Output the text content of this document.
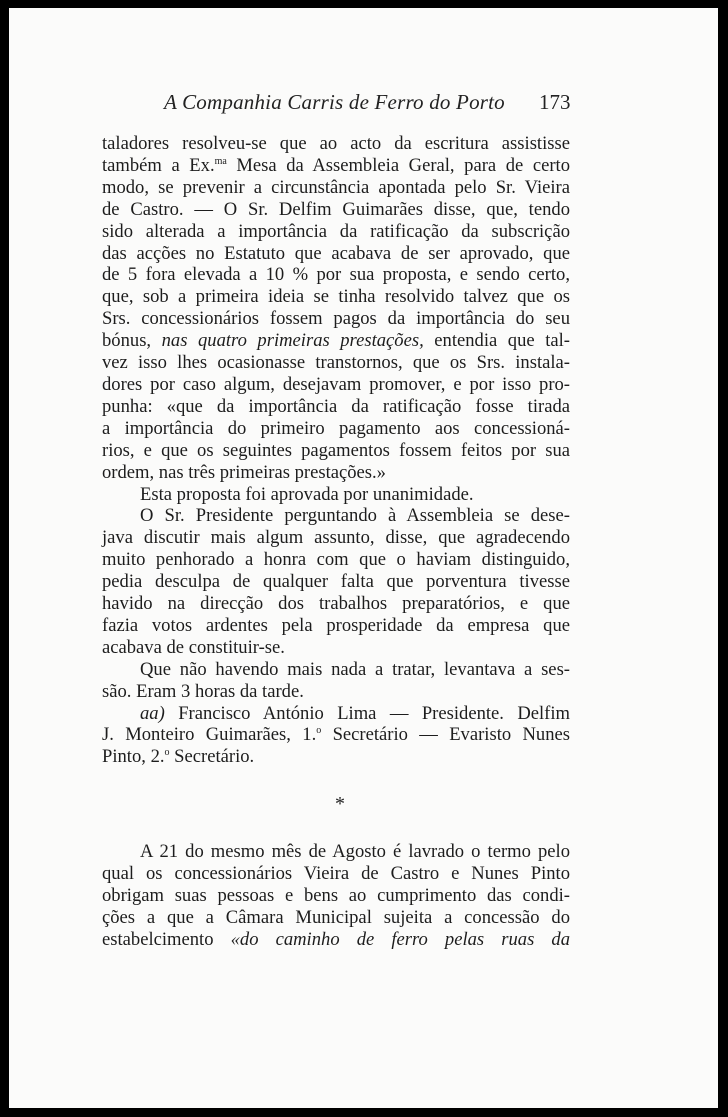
A Companhia Carris de Ferro do Porto 173
taladores resolveu-se que ao acto da escritura assistisse
também a Ex.$^{ma}$ Mesa da Assembleia Geral, para de certo
modo, se prevenir a circunstância apontada pelo Sr. Vieira
de Castro. — O Sr. Delfim Guimarães disse, que, tendo
sido alterada a importância da ratificação da subscrição
das acções no Estatuto que acabava de ser aprovado, que
de 5 fora elevada a 10 % por sua proposta, e sendo certo,
que, sob a primeira ideia se tinha resolvido talvez que os
Srs. concessionários fossem pagos da importância do seu
bónus, nas quatro primeiras prestações, entendia que tal-
vez isso lhes ocasionasse transtornos, que os Srs. instala-
dores por caso algum, desejavam promover, e por isso pro-
punha: «que da importância da ratificação fosse tirada
a importância do primeiro pagamento aos concessioná-
rios, e que os seguintes pagamentos fossem feitos por sua
ordem, nas três primeiras prestações.»
Esta proposta foi aprovada por unanimidade.
O Sr. Presidente perguntando à Assembleia se dese-
java discutir mais algum assunto, disse, que agradecendo
muito penhorado a honra com que o haviam distinguido,
pedia desculpa de qualquer falta que porventura tivesse
havido na direcção dos trabalhos preparatórios, e que
fazia votos ardentes pela prosperidade da empresa que
acabava de constituir-se.
Que não havendo mais nada a tratar, levantava a ses-
são. Eram 3 horas da tarde.
aa) Francisco António Lima — Presidente. Delfim
J. Monteiro Guimarães, 1.$^o$ Secretário — Evaristo Nunes
Pinto, 2.$^o$ Secretário.
*
A 21 do mesmo mês de Agosto é lavrado o termo pelo
qual os concessionários Vieira de Castro e Nunes Pinto
obrigam suas pessoas e bens ao cumprimento das condi-
ções a que a Câmara Municipal sujeita a concessão do
estabelcimento «do caminho de ferro pelas ruas da
